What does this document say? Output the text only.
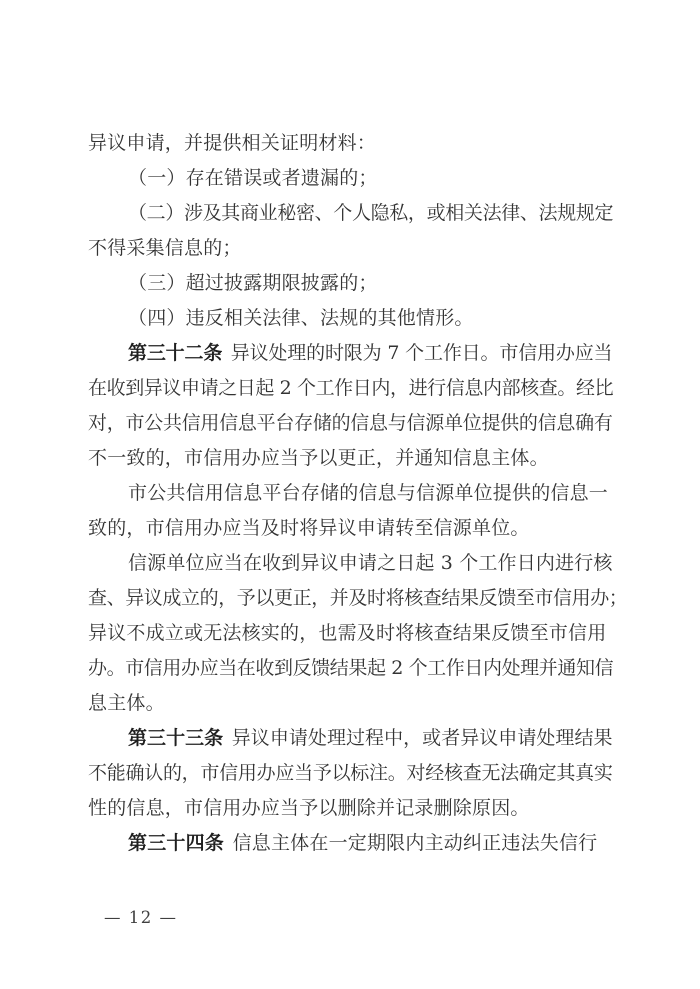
异议申请，并提供相关证明材料：
（一）存在错误或者遗漏的；
（二）涉及其商业秘密、个人隐私，或相关法律、法规规定
不得采集信息的；
（三）超过披露期限披露的；
（四）违反相关法律、法规的其他情形。
第三十二条 异议处理的时限为 7 个工作日。市信用办应当
在收到异议申请之日起 2 个工作日内，进行信息内部核查。经比
对，市公共信用信息平台存储的信息与信源单位提供的信息确有
不一致的，市信用办应当予以更正，并通知信息主体。
市公共信用信息平台存储的信息与信源单位提供的信息一
致的，市信用办应当及时将异议申请转至信源单位。
信源单位应当在收到异议申请之日起 3 个工作日内进行核
查、异议成立的，予以更正，并及时将核查结果反馈至市信用办；
异议不成立或无法核实的，也需及时将核查结果反馈至市信用
办。市信用办应当在收到反馈结果起 2 个工作日内处理并通知信
息主体。
第三十三条 异议申请处理过程中，或者异议申请处理结果
不能确认的，市信用办应当予以标注。对经核查无法确定其真实
性的信息，市信用办应当予以删除并记录删除原因。
第三十四条 信息主体在一定期限内主动纠正违法失信行
— 12 —
